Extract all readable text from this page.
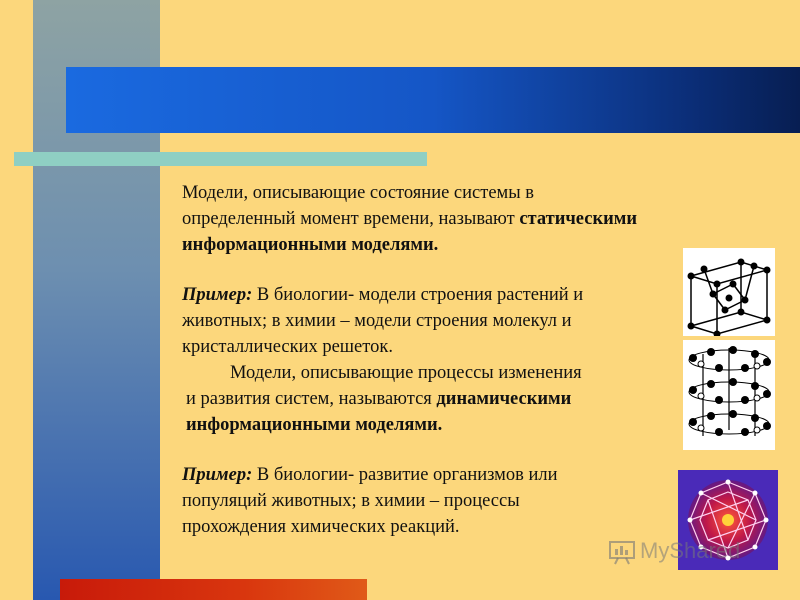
Модели, описывающие состояние системы в

определенный момент времени, называют статическими

информационными моделями.

Пример: В биологии- модели строения растений и

животных; в химии – модели строения молекул и

кристаллических решеток.

Модели, описывающие процессы изменения

и развития систем, называются динамическими

информационными моделями.

Пример: В биологии- развитие организмов или

популяций животных; в химии – процессы

прохождения химических реакций.

MyShared
